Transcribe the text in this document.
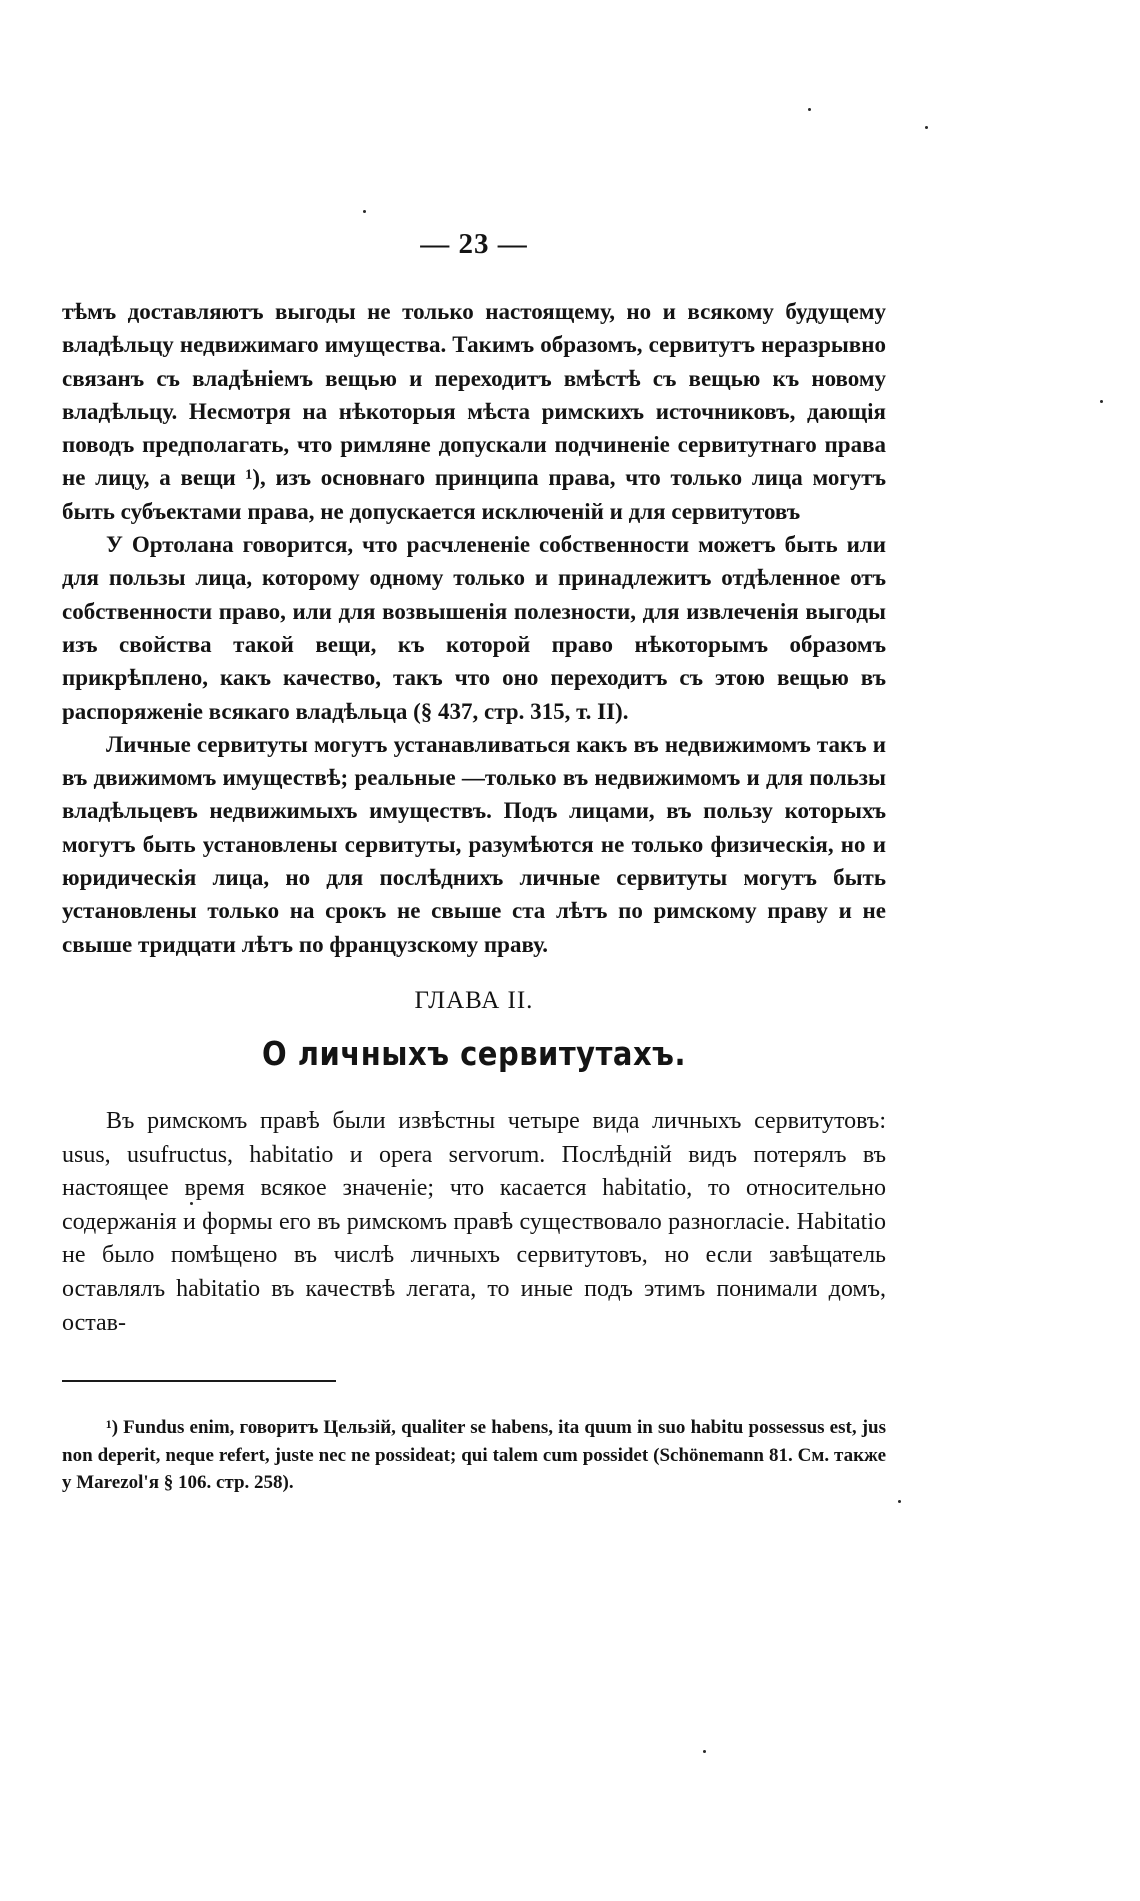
— 23 —

тѣмъ доставляютъ выгоды не только настоящему, но и всякому будущему владѣльцу недвижимаго имущества. Такимъ образомъ, сервитутъ неразрывно связанъ съ владѣніемъ вещью и переходитъ вмѣстѣ съ вещью къ новому владѣльцу. Несмотря на нѣкоторыя мѣста римскихъ источниковъ, дающія поводъ предполагать, что римляне допускали подчиненіе сервитутнаго права не лицу, а вещи ¹), изъ основнаго принципа права, что только лица могутъ быть субъектами права, не допускается исключеній и для сервитутовъ

У Ортолана говорится, что расчлененіе собственности можетъ быть или для пользы лица, которому одному только и принадлежитъ отдѣленное отъ собственности право, или для возвышенія полезности, для извлеченія выгоды изъ свойства такой вещи, къ которой право нѣкоторымъ образомъ прикрѣплено, какъ качество, такъ что оно переходитъ съ этою вещью въ распоряженіе всякаго владѣльца (§ 437, стр. 315, т. II).

Личные сервитуты могутъ устанавливаться какъ въ недвижимомъ такъ и въ движимомъ имуществѣ; реальные —только въ недвижимомъ и для пользы владѣльцевъ недвижимыхъ имуществъ. Подъ лицами, въ пользу которыхъ могутъ быть установлены сервитуты, разумѣются не только физическія, но и юридическія лица, но для послѣднихъ личные сервитуты могутъ быть установлены только на срокъ не свыше ста лѣтъ по римскому праву и не свыше тридцати лѣтъ по французскому праву.

ГЛАВА II.
О личныхъ сервитутахъ.

Въ римскомъ правѣ были извѣстны четыре вида личныхъ сервитутовъ: usus, usufructus, habitatio и opera servorum. Послѣдній видъ потерялъ въ настоящее время всякое значеніе; что касается habitatio, то относительно содержанія и формы его въ римскомъ правѣ существовало разногласіе. Habitatio не было помѣщено въ числѣ личныхъ сервитутовъ, но если завѣщатель оставлялъ habitatio въ качествѣ легата, то иные подъ этимъ понимали домъ, остав-

¹) Fundus enim, говоритъ Цельзій, qualiter se habens, ita quum in suo habitu possessus est, jus non deperit, neque refert, juste nec ne possideat; qui talem cum possidet (Schönemann 81. См. также у Marezol'я § 106. стр. 258).
